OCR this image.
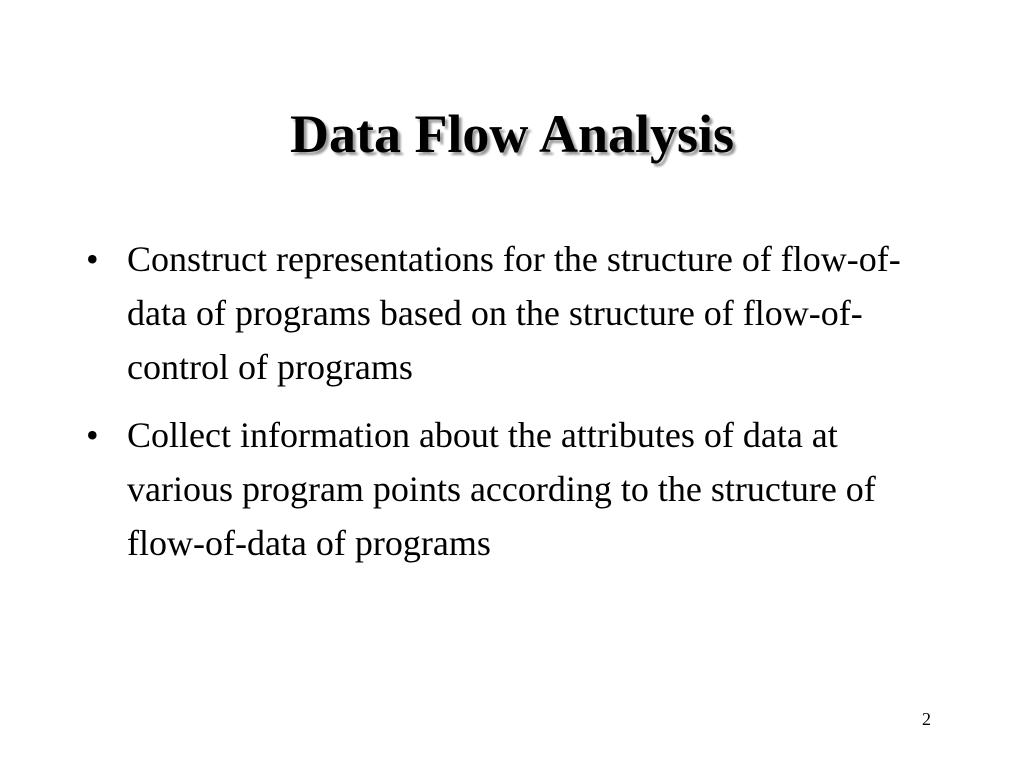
Data Flow Analysis
• Construct representations for the structure of flow-of-data of programs based on the structure of flow-of-control of programs
• Collect information about the attributes of data at various program points according to the structure of flow-of-data of programs
2
